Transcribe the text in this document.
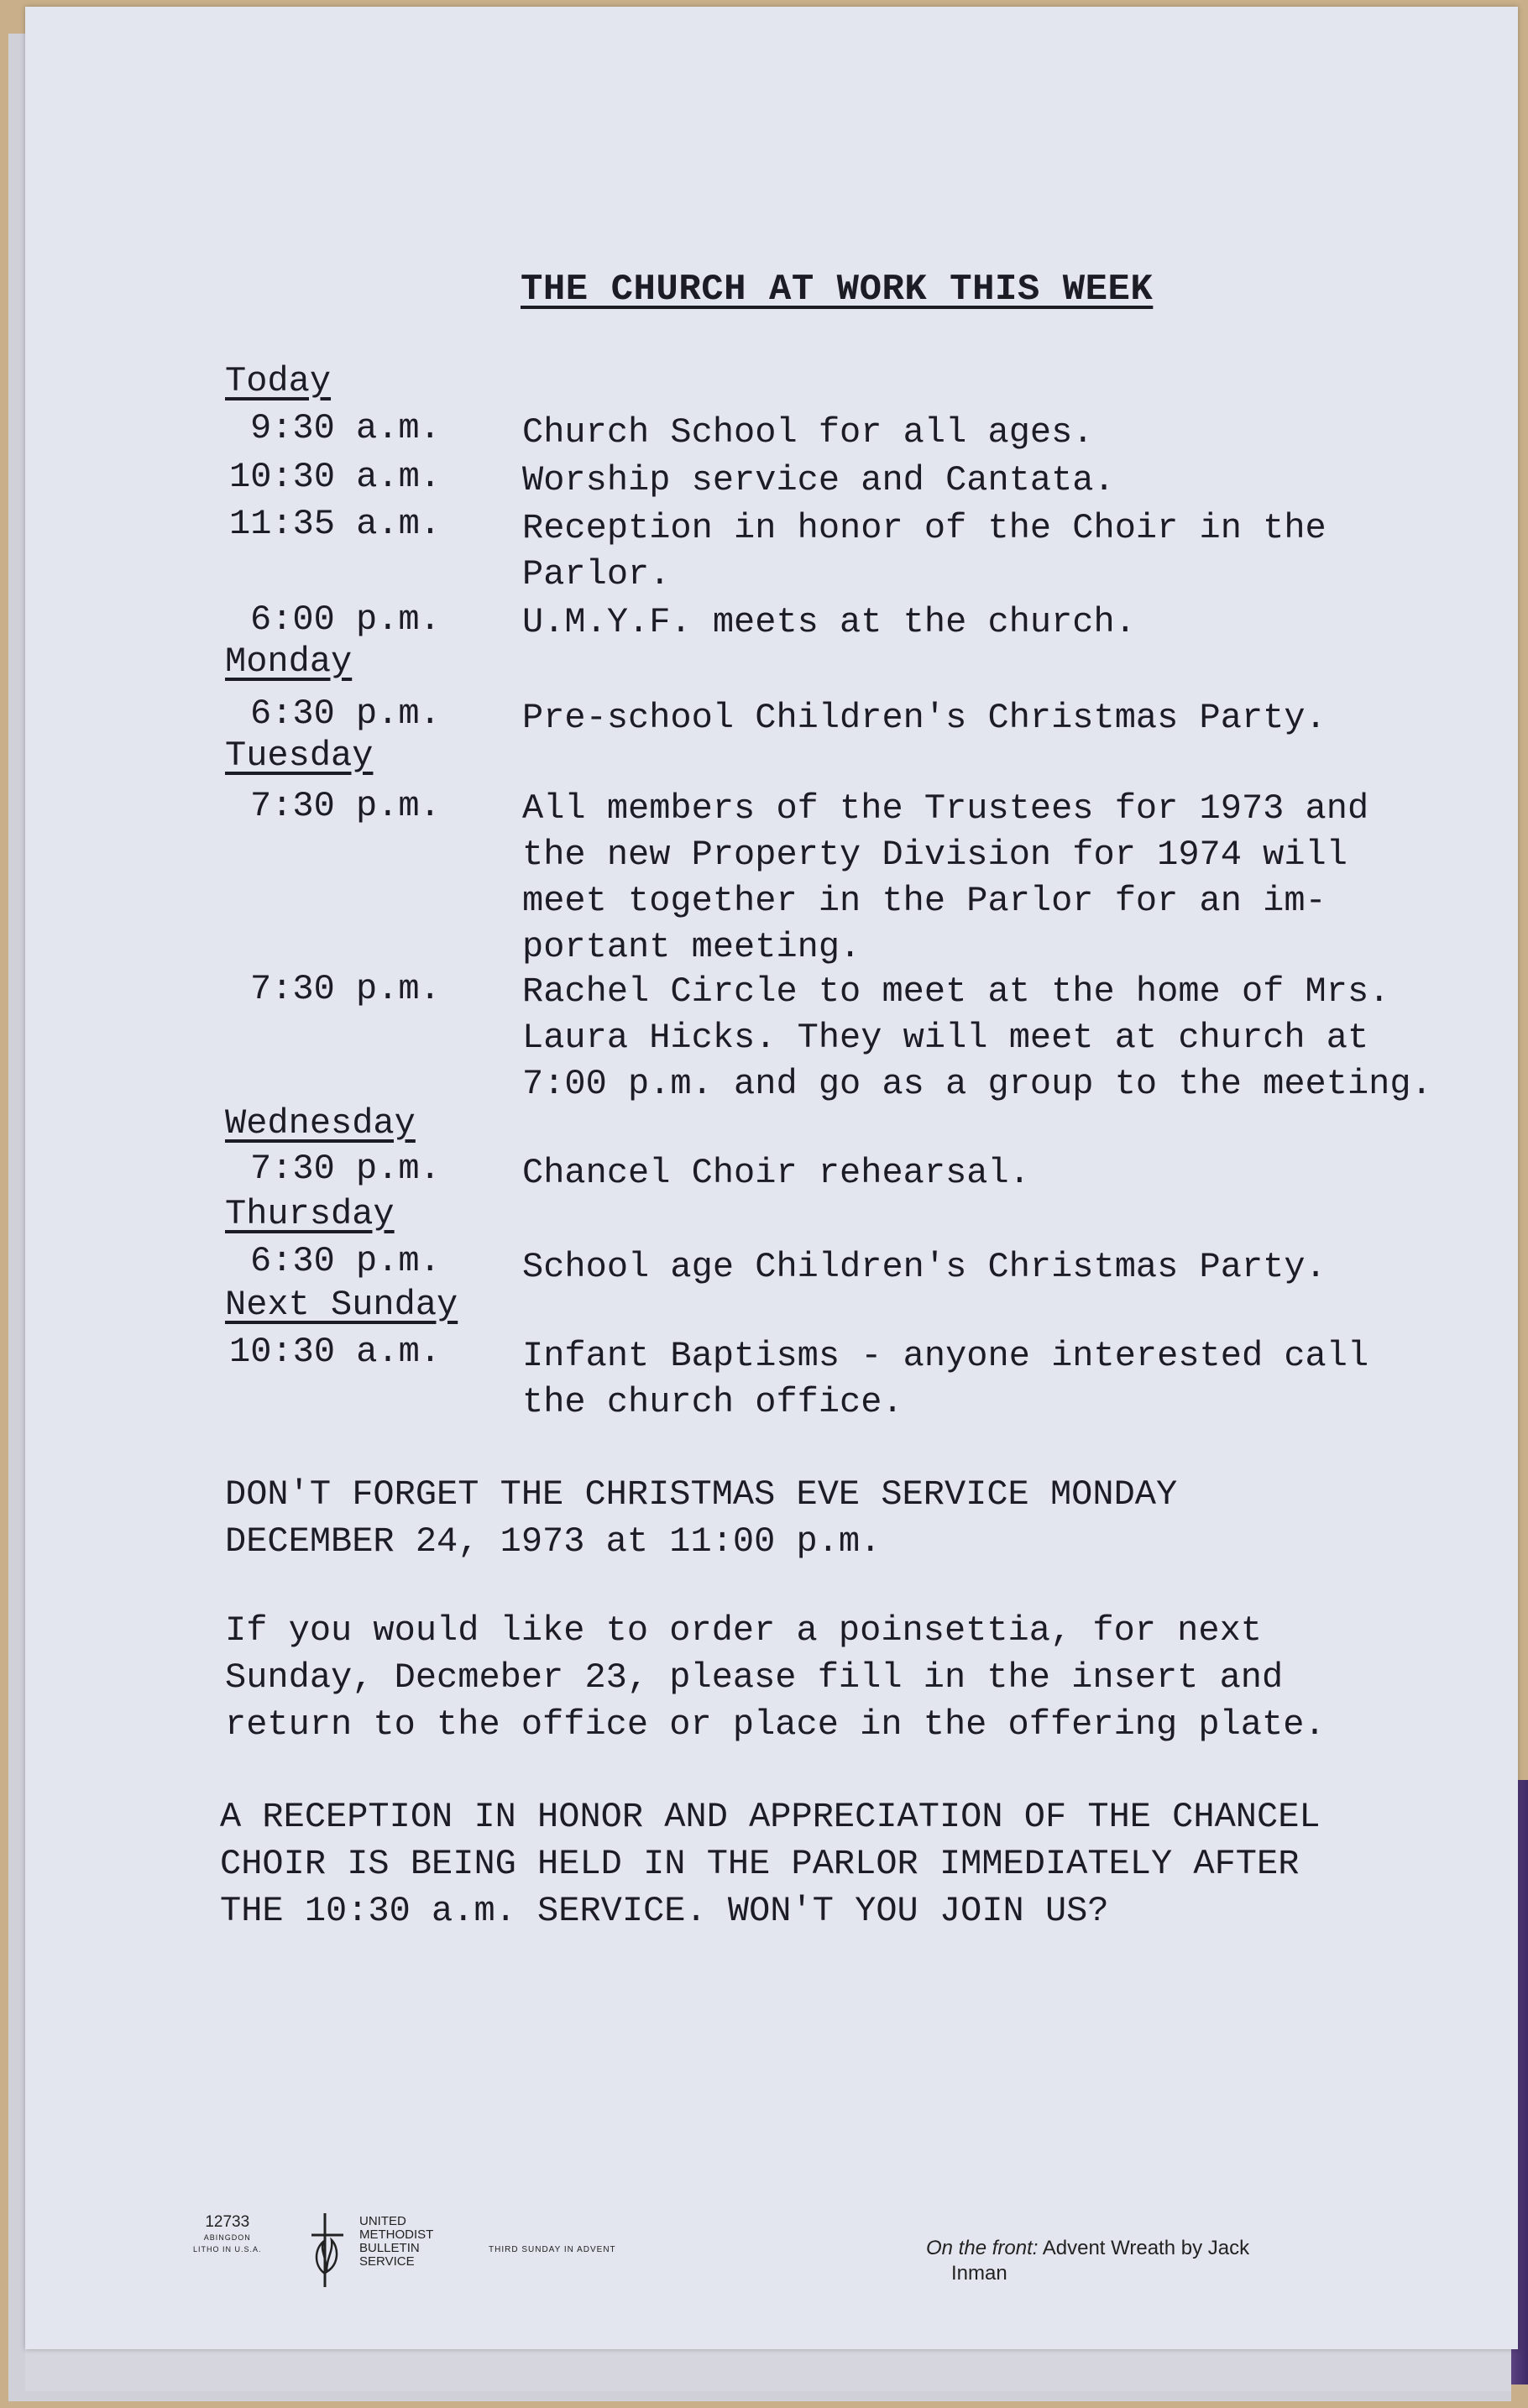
THE CHURCH AT WORK THIS WEEK
Today
9:30 a.m. Church School for all ages.
10:30 a.m. Worship service and Cantata.
11:35 a.m. Reception in honor of the Choir in the
Parlor.
6:00 p.m. U.M.Y.F. meets at the church.
Monday
6:30 p.m. Pre-school Children's Christmas Party.
Tuesday
7:30 p.m. All members of the Trustees for 1973 and
the new Property Division for 1974 will
meet together in the Parlor for an im-
portant meeting.
7:30 p.m. Rachel Circle to meet at the home of Mrs.
Laura Hicks. They will meet at church at
7:00 p.m. and go as a group to the meeting.
Wednesday
7:30 p.m. Chancel Choir rehearsal.
Thursday
6:30 p.m. School age Children's Christmas Party.
Next Sunday
10:30 a.m. Infant Baptisms - anyone interested call
the church office.
DON'T FORGET THE CHRISTMAS EVE SERVICE MONDAY
DECEMBER 24, 1973 at 11:00 p.m.
If you would like to order a poinsettia, for next
Sunday, Decmeber 23, please fill in the insert and
return to the office or place in the offering plate.
A RECEPTION IN HONOR AND APPRECIATION OF THE CHANCEL
CHOIR IS BEING HELD IN THE PARLOR IMMEDIATELY AFTER
THE 10:30 a.m. SERVICE. WON'T YOU JOIN US?
12733
ABINGDON
LITHO IN U.S.A.
UNITED
METHODIST
BULLETIN
SERVICE
THIRD SUNDAY IN ADVENT	On the front: Advent Wreath by Jack
Inman
